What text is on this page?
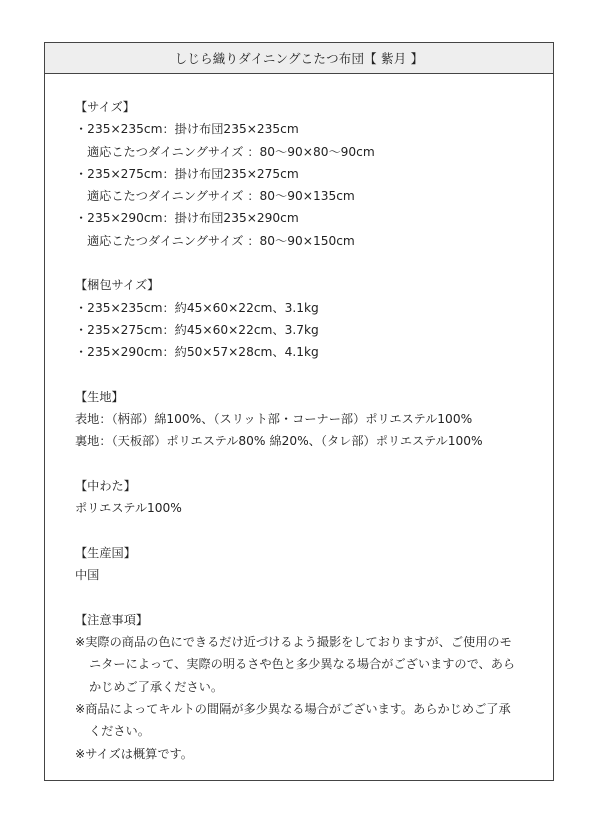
しじら織りダイニングこたつ布団【 紫月 】
【サイズ】
・235×235cm：掛け布団235×235cm
適応こたつダイニングサイズ ：80～90×80～90cm
・235×275cm：掛け布団235×275cm
適応こたつダイニングサイズ ：80～90×135cm
・235×290cm：掛け布団235×290cm
適応こたつダイニングサイズ ：80～90×150cm
【梱包サイズ】
・235×235cm：約45×60×22cm、3.1kg
・235×275cm：約45×60×22cm、3.7kg
・235×290cm：約50×57×28cm、4.1kg
【生地】
表地：（柄部）綿100%、（スリット部・コーナー部）ポリエステル100%
裏地：（天板部）ポリエステル80% 綿20%、（タレ部）ポリエステル100%
【中わた】
ポリエステル100%
【生産国】
中国
【注意事項】
※実際の商品の色にできるだけ近づけるよう撮影をしておりますが、ご使用のモ
ニターによって、実際の明るさや色と多少異なる場合がございますので、あら
かじめご了承ください。
※商品によってキルトの間隔が多少異なる場合がございます。あらかじめご了承
ください。
※サイズは概算です。
